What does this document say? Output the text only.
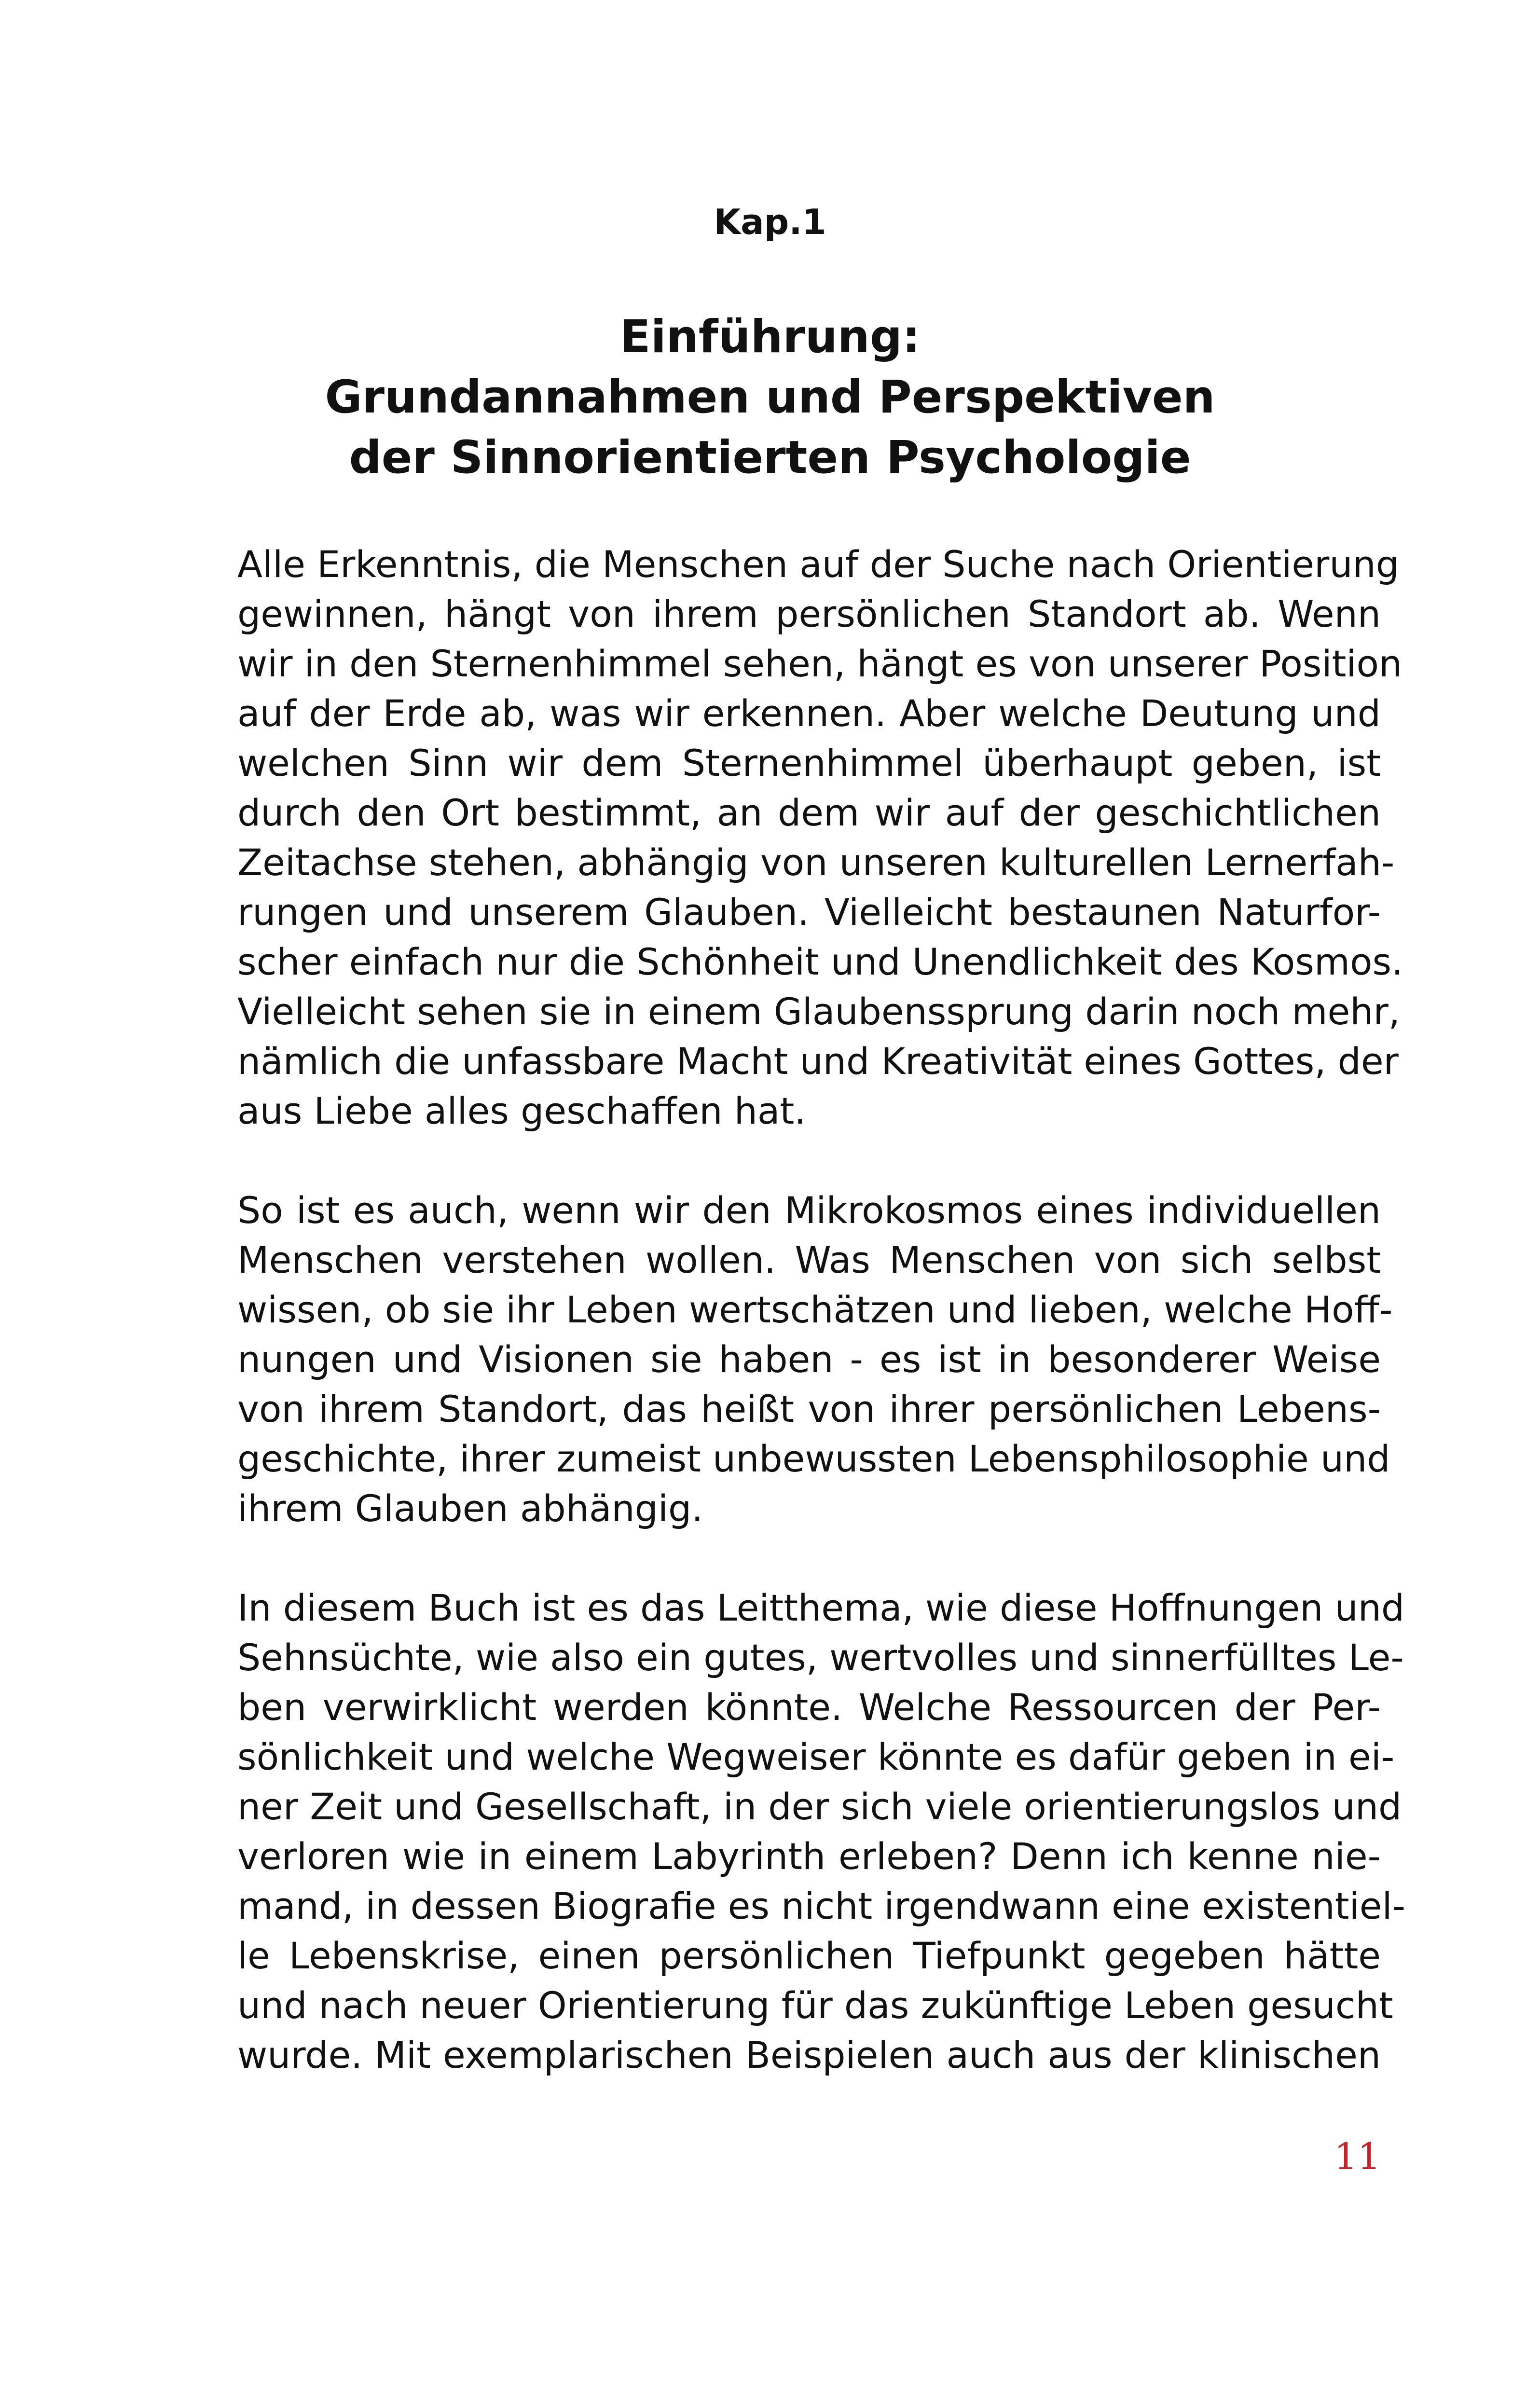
Kap.1

Einführung:
Grundannahmen und Perspektiven
der Sinnorientierten Psychologie
Alle Erkenntnis, die Menschen auf der Suche nach Orientierung
gewinnen, hängt von ihrem persönlichen Standort ab. Wenn
wir in den Sternenhimmel sehen, hängt es von unserer Position
auf der Erde ab, was wir erkennen. Aber welche Deutung und
welchen Sinn wir dem Sternenhimmel überhaupt geben, ist
durch den Ort bestimmt, an dem wir auf der geschichtlichen
Zeitachse stehen, abhängig von unseren kulturellen Lernerfah-
rungen und unserem Glauben. Vielleicht bestaunen Naturfor-
scher einfach nur die Schönheit und Unendlichkeit des Kosmos.
Vielleicht sehen sie in einem Glaubenssprung darin noch mehr,
nämlich die unfassbare Macht und Kreativität eines Gottes, der
aus Liebe alles geschaffen hat.
So ist es auch, wenn wir den Mikrokosmos eines individuellen
Menschen verstehen wollen. Was Menschen von sich selbst
wissen, ob sie ihr Leben wertschätzen und lieben, welche Hoff-
nungen und Visionen sie haben - es ist in besonderer Weise
von ihrem Standort, das heißt von ihrer persönlichen Lebens-
geschichte, ihrer zumeist unbewussten Lebensphilosophie und
ihrem Glauben abhängig.
In diesem Buch ist es das Leitthema, wie diese Hoffnungen und
Sehnsüchte, wie also ein gutes, wertvolles und sinnerfülltes Le-
ben verwirklicht werden könnte. Welche Ressourcen der Per-
sönlichkeit und welche Wegweiser könnte es dafür geben in ei-
ner Zeit und Gesellschaft, in der sich viele orientierungslos und
verloren wie in einem Labyrinth erleben? Denn ich kenne nie-
mand, in dessen Biografie es nicht irgendwann eine existentiel-
le Lebenskrise, einen persönlichen Tiefpunkt gegeben hätte
und nach neuer Orientierung für das zukünftige Leben gesucht
wurde. Mit exemplarischen Beispielen auch aus der klinischen
11
